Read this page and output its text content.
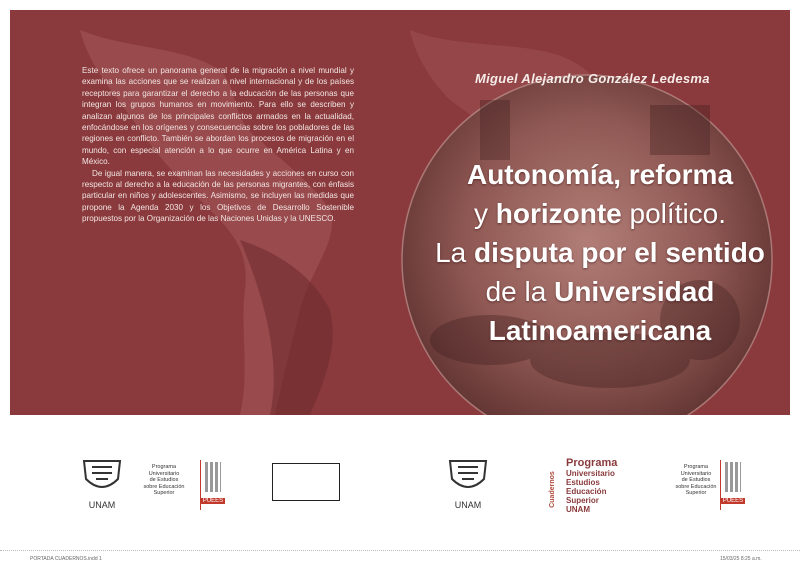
Este texto ofrece un panorama general de la migración a nivel mundial y examina las acciones que se realizan a nivel internacional y de los países receptores para garantizar el derecho a la educación de las personas que integran los grupos humanos en movimiento. Para ello se describen y analizan algunos de los principales conflictos armados en la actualidad, enfocándose en los orígenes y consecuencias sobre los pobladores de las regiones en conflicto. También se abordan los procesos de migración en el mundo, con especial atención a lo que ocurre en América Latina y en México.

De igual manera, se examinan las necesidades y acciones en curso con respecto al derecho a la educación de las personas migrantes, con énfasis particular en niños y adolescentes. Asimismo, se incluyen las medidas que propone la Agenda 2030 y los Objetivos de Desarrollo Sostenible propuestos por la Organización de las Naciones Unidas y la UNESCO.

Miguel Alejandro González Ledesma
Autonomía, reforma
y horizonte político.
La disputa por el sentido
de la Universidad
Latinoamericana
UNAM
Programa
Universitario
de Estudios
sobre Educación
Superior
PUEES	UNAM	Cuadernos
Programa
Universitario
Estudios
Educación
Superior
UNAM
Programa
Universitario
de Estudios
sobre Educación
Superior
PUEES
PORTADA CUADERNOS.indd 1	15/03/25 8:25 a.m.
